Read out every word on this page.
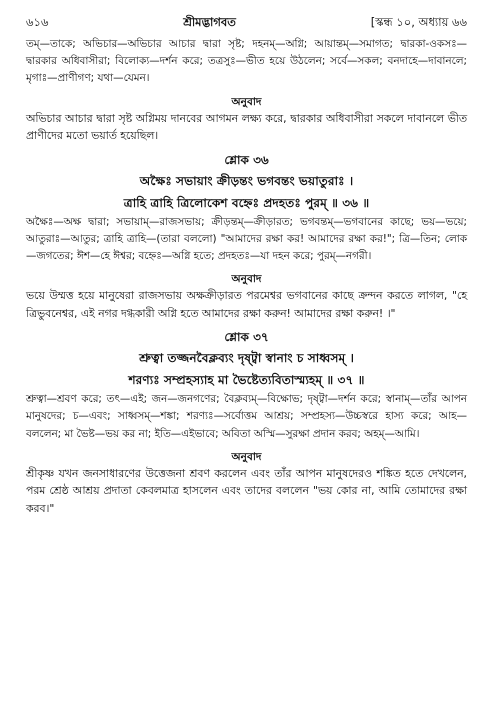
৬১৬	শ্রীমদ্ভাগবত	[স্কন্ধ ১০, অধ্যায় ৬৬

তম্—তাকে; অভিচার—অভিচার আচার দ্বারা সৃষ্ট; দহনম্—অগ্নি; আয়ান্তম্—সমাগত; দ্বারকা-ওকসঃ—দ্বারকার অধিবাসীরা; বিলোক্য—দর্শন করে; তত্রসুঃ—ভীত হয়ে উঠলেন; সর্বে—সকল; বনদাহে—দাবানলে; মৃগাঃ—প্রাণীগণ; যথা—যেমন।

অনুবাদ

অভিচার আচার দ্বারা সৃষ্ট অগ্নিময় দানবের আগমন লক্ষ্য করে, দ্বারকার অধিবাসীরা সকলে দাবানলে ভীত প্রাণীদের মতো ভয়ার্ত হয়েছিল।

শ্লোক ৩৬

অক্ষৈঃ সভায়াং ক্রীড়ন্তং ভগবন্তং ভয়াতুরাঃ ।

ত্রাহি ত্রাহি ত্রিলোকেশ বহ্নেঃ প্রদহতঃ পুরম্ ॥ ৩৬ ॥

অক্ষৈঃ—অক্ষ দ্বারা; সভায়াম্—রাজসভায়; ক্রীড়ন্তম্—ক্রীড়ারত; ভগবন্তম্—ভগবানের কাছে; ভয়—ভয়ে; আতুরাঃ—আতুর; ত্রাহি ত্রাহি—(তারা বললো) "আমাদের রক্ষা কর! আমাদের রক্ষা কর!"; ত্রি—তিন; লোক—জগতের; ঈশ—হে ঈশ্বর; বহ্নেঃ—অগ্নি হতে; প্রদহতঃ—যা দহন করে; পুরম্—নগরী।

অনুবাদ

ভয়ে উম্মত্ত হয়ে মানুষেরা রাজসভায় অক্ষক্রীড়ারত পরমেশ্বর ভগবানের কাছে ক্রন্দন করতে লাগল, "হে ত্রিভুবনেশ্বর, এই নগর দগ্ধকারী অগ্নি হতে আমাদের রক্ষা করুন! আমাদের রক্ষা করুন! ।"

শ্লোক ৩৭

শ্রুত্বা তজ্জনবৈক্লব্যং দৃষ্ট্বা স্বানাং চ সাধ্বসম্ ।

শরণ্যঃ সম্প্রহস্যাহ মা ভৈষ্টেত্যবিতাস্ম্যহম্ ॥ ৩৭ ॥

শ্রুত্বা—শ্রবণ করে; তৎ—এই; জন—জনগণের; বৈক্লব্যম্—বিক্ষোভ; দৃষ্ট্বা—দর্শন করে; স্বানাম্—তাঁর আপন মানুষদের; চ—এবং; সাধ্বসম্—শঙ্কা; শরণ্যঃ—সর্বোত্তম আশ্রয়; সম্প্রহস্য—উচ্চস্বরে হাস্য করে; আহ—বললেন; মা ভৈষ্ট—ভয় কর না; ইতি—এইভাবে; অবিতা অস্মি—সুরক্ষা প্রদান করব; অহম্—আমি।

অনুবাদ

শ্রীকৃষ্ণ যখন জনসাধারণের উত্তেজনা শ্রবণ করলেন এবং তাঁর আপন মানুষদেরও শঙ্কিত হতে দেখলেন, পরম শ্রেষ্ঠ আশ্রয় প্রদাতা কেবলমাত্র হাসলেন এবং তাদের বললেন "ভয় কোর না, আমি তোমাদের রক্ষা করব।"
